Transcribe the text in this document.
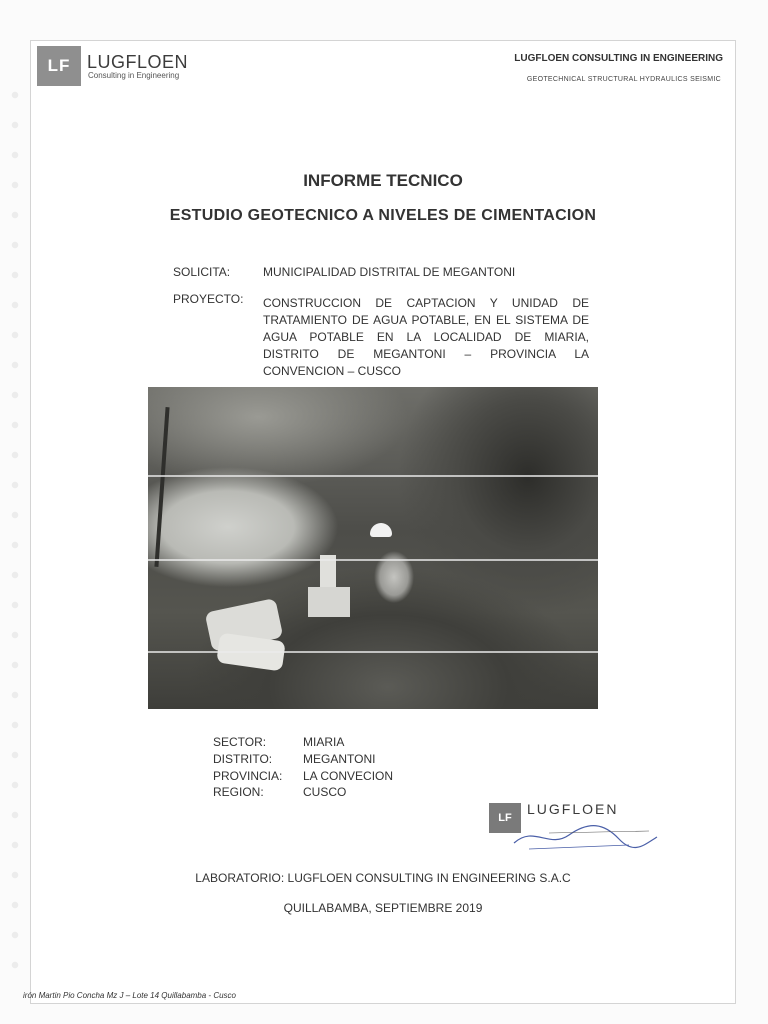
LF LUGFLOEN
Consulting in Engineering
LUGFLOEN CONSULTING IN ENGINEERING
GEOTECHNICAL STRUCTURAL HYDRAULICS SEISMIC
INFORME TECNICO
ESTUDIO GEOTECNICO A NIVELES DE CIMENTACION
SOLICITA:	MUNICIPALIDAD DISTRITAL DE MEGANTONI
PROYECTO: CONSTRUCCION DE CAPTACION Y UNIDAD DE TRATAMIENTO DE AGUA POTABLE, EN EL SISTEMA DE AGUA POTABLE EN LA LOCALIDAD DE MIARIA, DISTRITO DE MEGANTONI – PROVINCIA LA CONVENCION – CUSCO
SECTOR:	MIARIA
DISTRITO:	MEGANTONI
PROVINCIA: LA CONVECION
REGION:	CUSCO
LF
LUGFLOEN
LABORATORIO: LUGFLOEN CONSULTING IN ENGINEERING S.A.C
QUILLABAMBA, SEPTIEMBRE 2019
irón Martin Pio Concha Mz J – Lote 14 Quillabamba - Cusco
